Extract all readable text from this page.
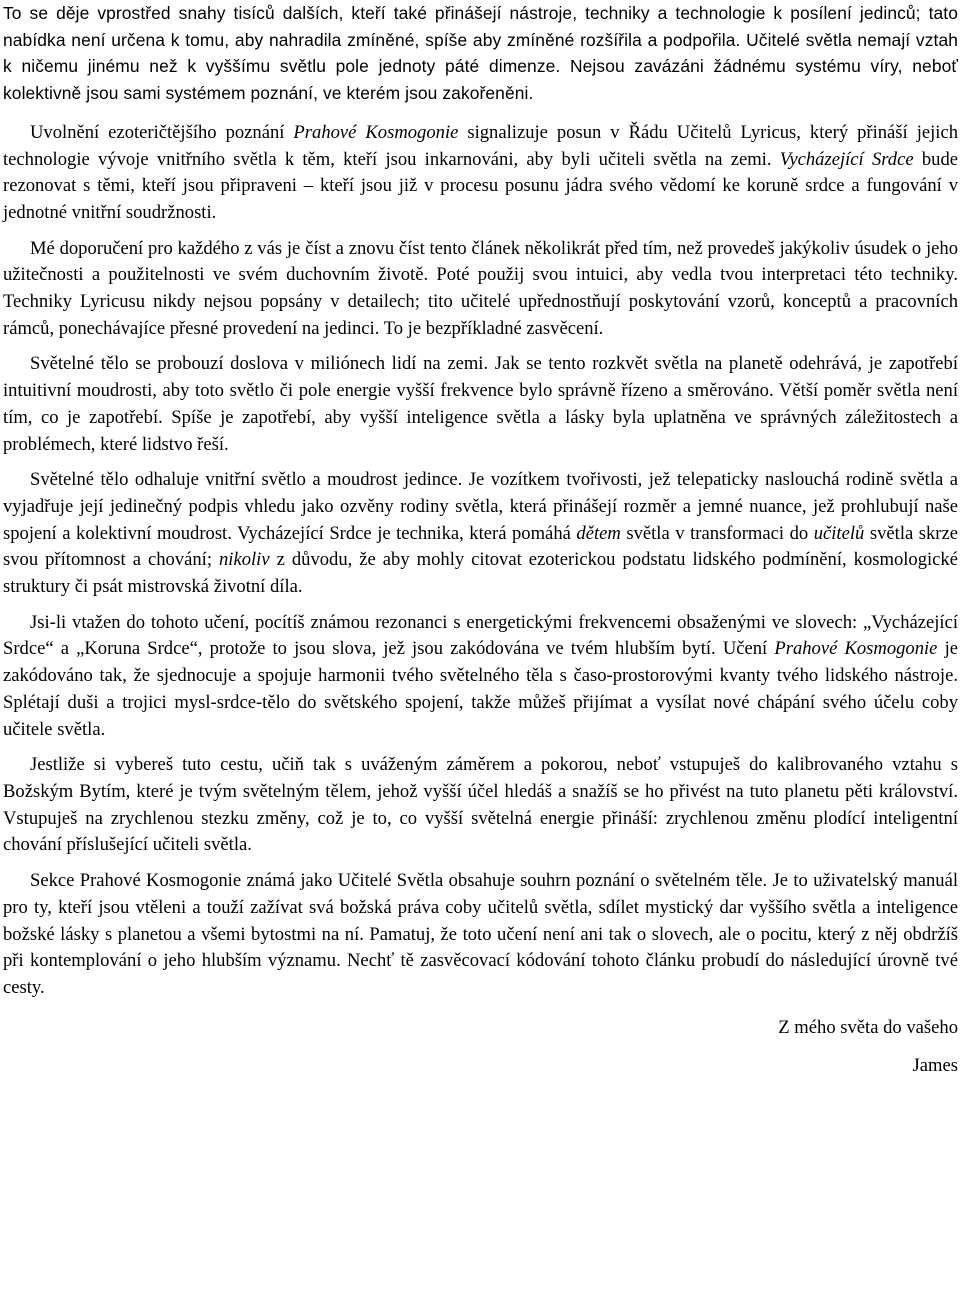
To se děje vprostřed snahy tisíců dalších, kteří také přinášejí nástroje, techniky a technologie k posílení jedinců; tato nabídka není určena k tomu, aby nahradila zmíněné, spíše aby zmíněné rozšířila a podpořila. Učitelé světla nemají vztah k ničemu jinému než k vyššímu světlu pole jednoty páté dimenze. Nejsou zavázáni žádnému systému víry, neboť kolektivně jsou sami systémem poznání, ve kterém jsou zakořeněni.

Uvolnění ezoteričtějšího poznání Prahové Kosmogonie signalizuje posun v Řádu Učitelů Lyricus, který přináší jejich technologie vývoje vnitřního světla k těm, kteří jsou inkarnováni, aby byli učiteli světla na zemi. Vycházející Srdce bude rezonovat s těmi, kteří jsou připraveni – kteří jsou již v procesu posunu jádra svého vědomí ke koruně srdce a fungování v jednotné vnitřní soudržnosti.

Mé doporučení pro každého z vás je číst a znovu číst tento článek několikrát před tím, než provedeš jakýkoliv úsudek o jeho užitečnosti a použitelnosti ve svém duchovním životě. Poté použij svou intuici, aby vedla tvou interpretaci této techniky. Techniky Lyricusu nikdy nejsou popsány v detailech; tito učitelé upřednostňují poskytování vzorů, konceptů a pracovních rámců, ponechávajíce přesné provedení na jedinci. To je bezpříkladné zasvěcení.

Světelné tělo se probouzí doslova v miliónech lidí na zemi. Jak se tento rozkvět světla na planetě odehrává, je zapotřebí intuitivní moudrosti, aby toto světlo či pole energie vyšší frekvence bylo správně řízeno a směrováno. Větší poměr světla není tím, co je zapotřebí. Spíše je zapotřebí, aby vyšší inteligence světla a lásky byla uplatněna ve správných záležitostech a problémech, které lidstvo řeší.

Světelné tělo odhaluje vnitřní světlo a moudrost jedince. Je vozítkem tvořivosti, jež telepaticky naslouchá rodině světla a vyjadřuje její jedinečný podpis vhledu jako ozvěny rodiny světla, která přinášejí rozměr a jemné nuance, jež prohlubují naše spojení a kolektivní moudrost. Vycházející Srdce je technika, která pomáhá dětem světla v transformaci do učitelů světla skrze svou přítomnost a chování; nikoliv z důvodu, že aby mohly citovat ezoterickou podstatu lidského podmínění, kosmologické struktury či psát mistrovská životní díla.

Jsi-li vtažen do tohoto učení, pocítíš známou rezonanci s energetickými frekvencemi obsaženými ve slovech: „Vycházející Srdce“ a „Koruna Srdce“, protože to jsou slova, jež jsou zakódována ve tvém hlubším bytí. Učení Prahové Kosmogonie je zakódováno tak, že sjednocuje a spojuje harmonii tvého světelného těla s časo-prostorovými kvanty tvého lidského nástroje. Splétají duši a trojici mysl-srdce-tělo do světského spojení, takže můžeš přijímat a vysílat nové chápání svého účelu coby učitele světla.

Jestliže si vybereš tuto cestu, učiň tak s uváženým záměrem a pokorou, neboť vstupuješ do kalibrovaného vztahu s Božským Bytím, které je tvým světelným tělem, jehož vyšší účel hledáš a snažíš se ho přivést na tuto planetu pěti království. Vstupuješ na zrychlenou stezku změny, což je to, co vyšší světelná energie přináší: zrychlenou změnu plodící inteligentní chování příslušející učiteli světla.

Sekce Prahové Kosmogonie známá jako Učitelé Světla obsahuje souhrn poznání o světelném těle. Je to uživatelský manuál pro ty, kteří jsou vtěleni a touží zažívat svá božská práva coby učitelů světla, sdílet mystický dar vyššího světla a inteligence božské lásky s planetou a všemi bytostmi na ní. Pamatuj, že toto učení není ani tak o slovech, ale o pocitu, který z něj obdržíš při kontemplování o jeho hlubším významu. Nechť tě zasvěcovací kódování tohoto článku probudí do následující úrovně tvé cesty.

Z mého světa do vašeho

James
